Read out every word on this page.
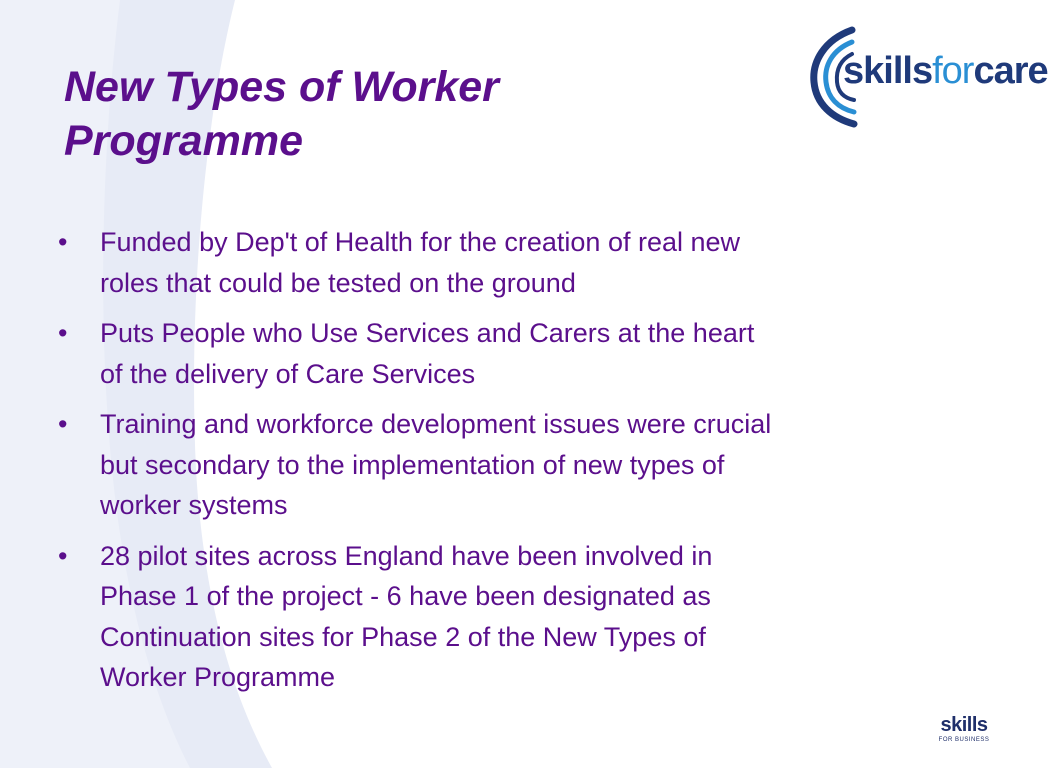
New Types of Worker
Programme
•	Funded by Dep't of Health for the creation of real new
roles that could be tested on the ground
•	Puts People who Use Services and Carers at the heart
of the delivery of Care Services
•	Training and workforce development issues were crucial
but secondary to the implementation of new types of
worker systems
•	28 pilot sites across England have been involved in
Phase 1 of the project - 6 have been designated as
Continuation sites for Phase 2 of the New Types of
Worker Programme
skillsforcare
skills
FOR BUSINESS
